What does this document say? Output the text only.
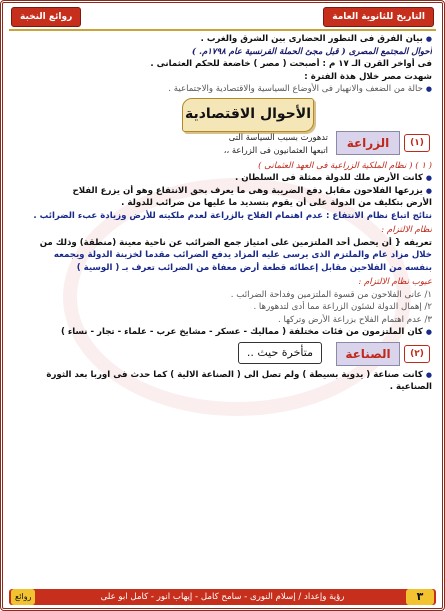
التاريخ للثانوية العامة
روائع النخبة

● بيان الفرق فى التطور الحضارى بين الشرق والغرب .

أحوال المجتمع المصرى ( قبل مجئ الحملة الفرنسية عام ١٧٩٨م. )

فى أواخر القرن الـ ١٧ م : أصبحت ( مصر ) خاضعة للحكم العثمانى .

شهدت مصر خلال هذة الفترة :

● حالة من الضعف والانهيار فى الأوضاع السياسية والاقتصادية والاجتماعية .

الأحوال الاقتصادية
(١)
الزراعة
تدهورت بسبب السياسة التى
اتبعها العثمانيون فى الزراعة ،،

( ١ ) ( نظام الملكية الزراعية فى العهد العثمانى )

● كانت الأرض ملك للدولة ممثلة فى السلطان .

● يزرعها الفلاحون مقابل دفع الضريبة وهى ما يعرف بحق الانتفاع وهو أن يزرع الفلاح

الأرض بتكليف من الدولة على أن يقوم بتسديد ما عليها من ضرائب للدولة .

نتائج اتباع نظام الانتفاع : عدم اهتمام الفلاح بالزراعة لعدم ملكيته للأرض وزيادة عبء الضرائب .

نظام الالتزام :

تعريفه { أن يحصل أحد الملتزمين على امتياز جمع الضرائب عن ناحية معينة (منطقة) وذلك من

خلال مزاد عام والملتزم الذى يرسى عليه المزاد يدفع الضرائب مقدما لخزينة الدولة ويجمعه

بنفسه من الفلاحين مقابل إعطائه قطعة أرض معفاة من الضرائب تعرف بـ ( الوسية )

عيوب نظام الالتزام :

١/ عانى الفلاحون من قسوة الملتزمين وفداحة الضرائب .

٢/ إهمال الدولة لشئون الزراعة مما أدى لتدهورها .

٣/ عدم اهتمام الفلاح بزراعة الأرض وتركها .

● كان الملتزمون من فئات مختلفة ( مماليك - عسكر - مشايخ عرب - علماء - تجار - نساء )

(٢)
الصناعة
متأخرة حيث ..

● كانت صناعة ( يدوية بسيطة ) ولم تصل الى ( الصناعة الالية ) كما حدث فى اوربا بعد الثورة

الصناعية .

رؤية وإعداد / إسلام النورى - سامح كامل - إيهاب انور - كامل ابو على	٣
روائع
